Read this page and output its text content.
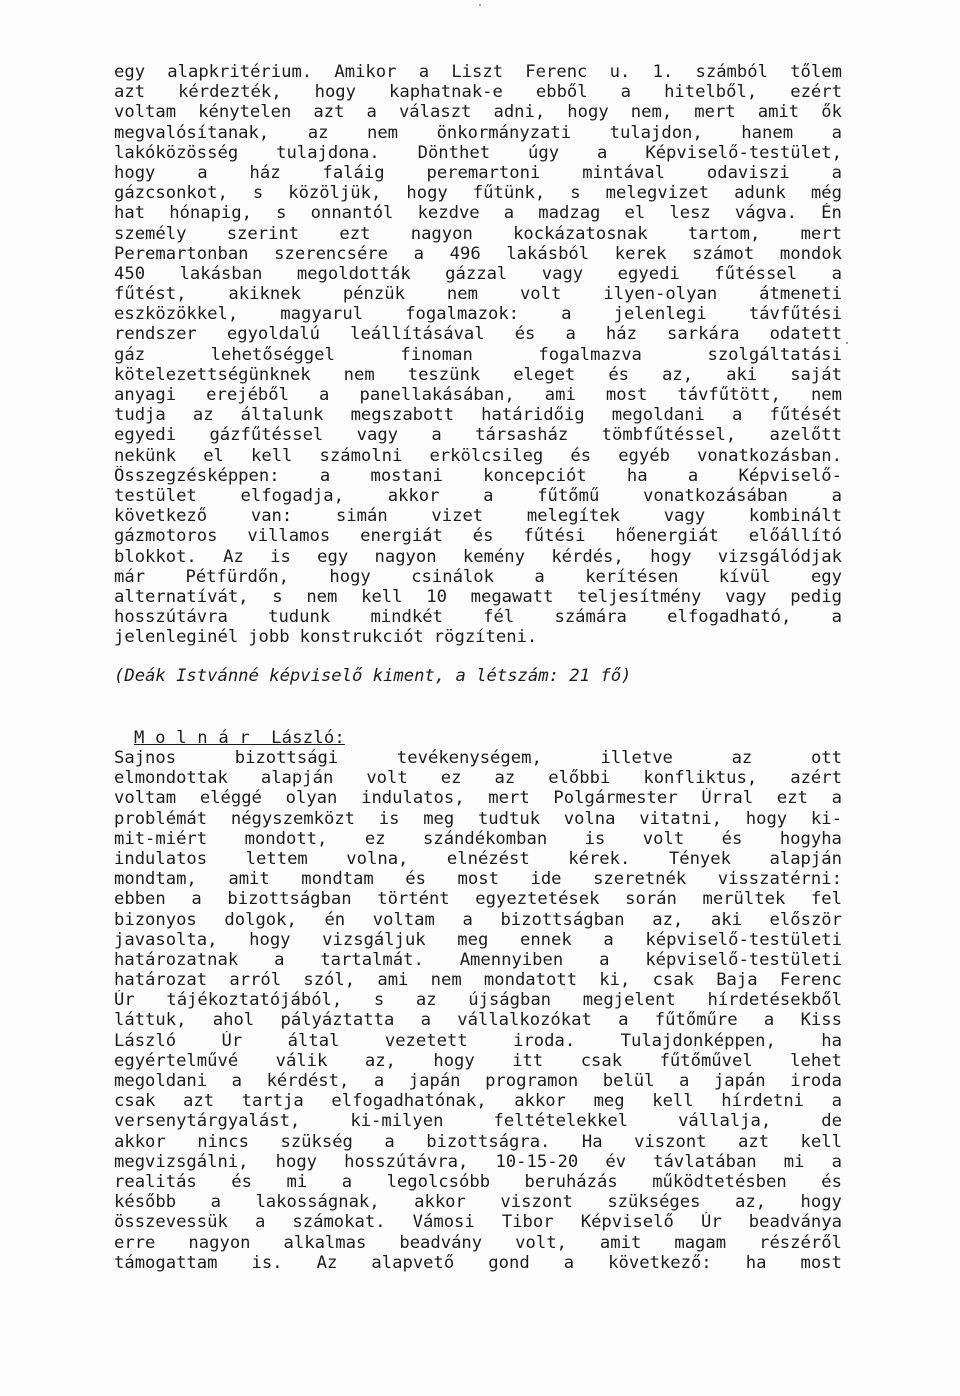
egy alapkritérium. Amikor a Liszt Ferenc u. 1. számból tőlem
azt kérdezték, hogy kaphatnak-e ebből a hitelből, ezért
voltam kénytelen azt a választ adni, hogy nem, mert amit ők
megvalósítanak, az nem önkormányzati tulajdon, hanem a
lakóközösség tulajdona. Dönthet úgy a Képviselő-testület,
hogy a ház faláig peremartoni mintával odaviszi a
gázcsonkot, s közöljük, hogy fűtünk, s melegvizet adunk még
hat hónapig, s onnantól kezdve a madzag el lesz vágva. Én
személy szerint ezt nagyon kockázatosnak tartom, mert
Peremartonban szerencsére a 496 lakásból kerek számot mondok
450 lakásban megoldották gázzal vagy egyedi fűtéssel a
fűtést, akiknek pénzük nem volt ilyen-olyan átmeneti
eszközökkel, magyarul fogalmazok: a jelenlegi távfűtési
rendszer egyoldalú leállításával és a ház sarkára odatett
gáz	lehetőséggel	finoman	fogalmazva	szolgáltatási
kötelezettségünknek nem teszünk eleget és az, aki saját
anyagi erejéből a panellakásában, ami most távfűtött, nem
tudja az általunk megszabott határidőig megoldani a fűtését
egyedi gázfűtéssel vagy a társasház tömbfűtéssel, azelőtt
nekünk el kell számolni erkölcsileg és egyéb vonatkozásban.
Összegzésképpen: a mostani koncepciót ha a Képviselő-
testület	elfogadja,	akkor	a	fűtőmű	vonatkozásában	a
következő	van:	simán	vizet	melegítek	vagy	kombinált
gázmotoros villamos energiát és fűtési hőenergiát előállító
blokkot. Az is egy nagyon kemény kérdés, hogy vizsgálódjak
már Pétfürdőn, hogy csinálok a kerítésen kívül egy
alternatívát, s nem kell 10 megawatt teljesítmény vagy pedig
hosszútávra tudunk mindkét fél számára elfogadható, a
jelenleginél jobb konstrukciót rögzíteni.
(Deák Istvánné képviselő kiment, a létszám: 21 fő)
M o l n á r  László:
Sajnos	bizottsági	tevékenységem,	illetve	az	ott
elmondottak alapján volt ez az előbbi konfliktus, azért
voltam eléggé olyan indulatos, mert Polgármester Úrral ezt a
problémát négyszemközt is meg tudtuk volna vitatni, hogy ki-
mit-miért mondott, ez szándékomban is volt és hogyha
indulatos lettem volna, elnézést kérek. Tények alapján
mondtam, amit mondtam és most ide szeretnék visszatérni:
ebben a bizottságban történt egyeztetések során merültek fel
bizonyos dolgok, én voltam a bizottságban az, aki először
javasolta, hogy vizsgáljuk meg ennek a képviselő-testületi
határozatnak a tartalmát. Amennyiben a képviselő-testületi
határozat arról szól, ami nem mondatott ki, csak Baja Ferenc
Úr tájékoztatójából, s az újságban megjelent hírdetésekből
láttuk, ahol pályáztatta a vállalkozókat a fűtőműre a Kiss
László	Úr	által	vezetett	iroda.	Tulajdonképpen,	ha
egyértelművé válik az, hogy itt csak fűtőművel lehet
megoldani a kérdést, a japán programon belül a japán iroda
csak azt tartja elfogadhatónak, akkor meg kell hírdetni a
versenytárgyalást,	ki-milyen	feltételekkel	vállalja,	de
akkor nincs szükség a bizottságra. Ha viszont azt kell
megvizsgálni, hogy hosszútávra, 10-15-20 év távlatában mi a
realitás és mi a legolcsóbb beruházás működtetésben és
később a lakosságnak, akkor viszont szükséges az, hogy
összevessük a számokat. Vámosi Tibor Képviselő Úr beadványa
erre nagyon alkalmas beadvány volt, amit magam részéről
támogattam is. Az alapvető gond a következő: ha most
